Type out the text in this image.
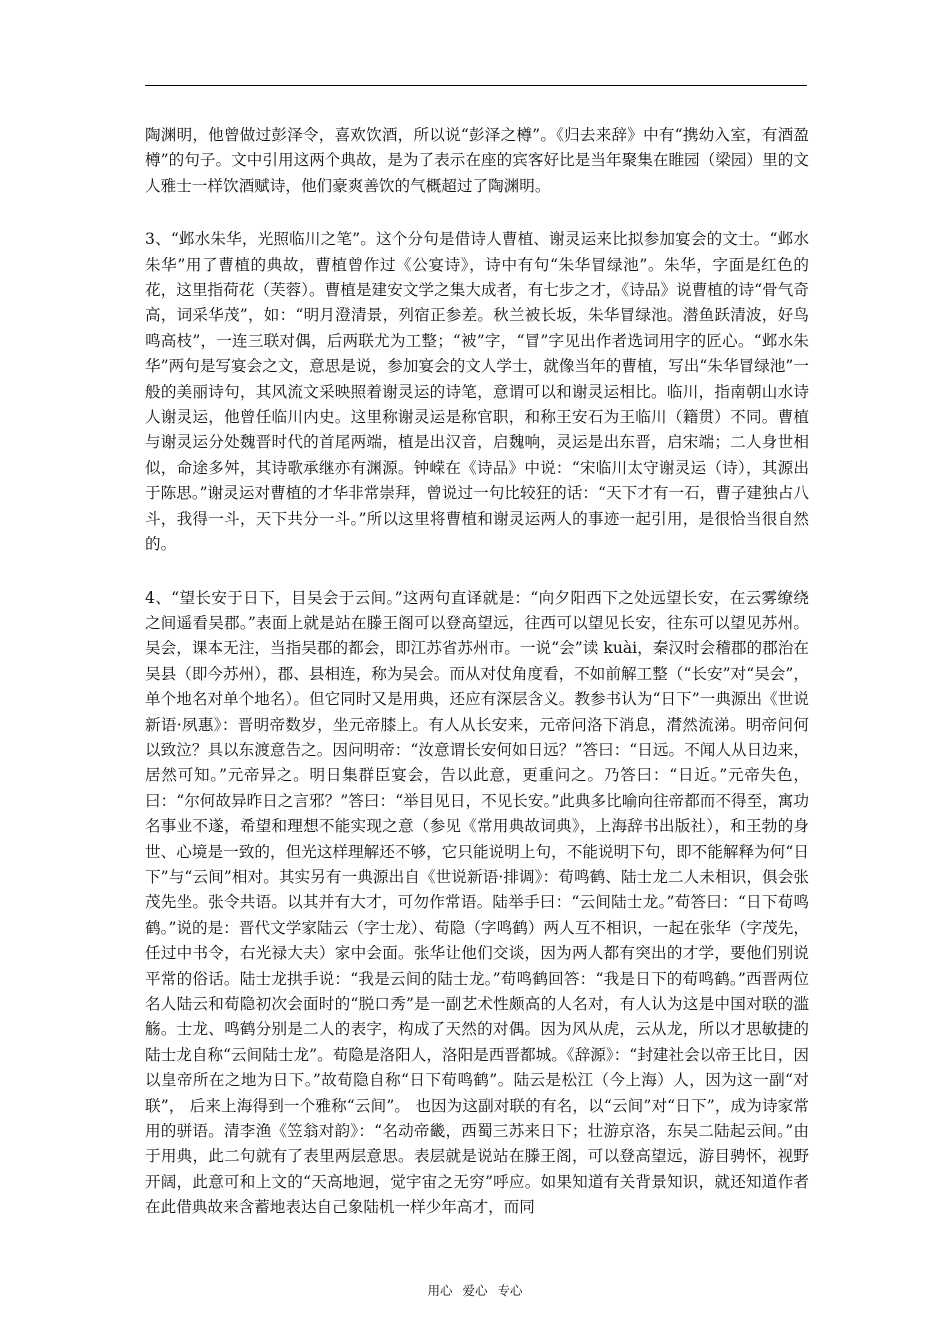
陶渊明，他曾做过彭泽令，喜欢饮酒，所以说“彭泽之樽”。《归去来辞》中有“携幼入室，有酒盈樽”的句子。文中引用这两个典故，是为了表示在座的宾客好比是当年聚集在睢园（梁园）里的文人雅士一样饮酒赋诗，他们豪爽善饮的气概超过了陶渊明。

3、“邺水朱华，光照临川之笔”。这个分句是借诗人曹植、谢灵运来比拟参加宴会的文士。“邺水朱华”用了曹植的典故，曹植曾作过《公宴诗》，诗中有句“朱华冒绿池”。朱华，字面是红色的花，这里指荷花（芙蓉）。曹植是建安文学之集大成者，有七步之才，《诗品》说曹植的诗“骨气奇高，词采华茂”，如：“明月澄清景，列宿正参差。秋兰被长坂，朱华冒绿池。潜鱼跃清波，好鸟鸣高枝”，一连三联对偶，后两联尤为工整；“被”字，“冒”字见出作者选词用字的匠心。“邺水朱华”两句是写宴会之文，意思是说，参加宴会的文人学士，就像当年的曹植，写出“朱华冒绿池”一般的美丽诗句，其风流文采映照着谢灵运的诗笔，意谓可以和谢灵运相比。临川，指南朝山水诗人谢灵运，他曾任临川内史。这里称谢灵运是称官职，和称王安石为王临川（籍贯）不同。曹植与谢灵运分处魏晋时代的首尾两端，植是出汉音，启魏响，灵运是出东晋，启宋端；二人身世相似，命途多舛，其诗歌承继亦有渊源。钟嵘在《诗品》中说：“宋临川太守谢灵运（诗），其源出于陈思。”谢灵运对曹植的才华非常崇拜，曾说过一句比较狂的话：“天下才有一石，曹子建独占八斗，我得一斗，天下共分一斗。”所以这里将曹植和谢灵运两人的事迹一起引用，是很恰当很自然的。

4、“望长安于日下，目吴会于云间。”这两句直译就是：“向夕阳西下之处远望长安，在云雾缭绕之间遥看吴郡。”表面上就是站在滕王阁可以登高望远，往西可以望见长安，往东可以望见苏州。吴会，课本无注，当指吴郡的都会，即江苏省苏州市。一说“会”读 kuài，秦汉时会稽郡的郡治在吴县（即今苏州），郡、县相连，称为吴会。而从对仗角度看，不如前解工整（“长安”对“吴会”，单个地名对单个地名）。但它同时又是用典，还应有深层含义。教参书认为“日下”一典源出《世说新语·夙惠》：晋明帝数岁，坐元帝膝上。有人从长安来，元帝问洛下消息，潸然流涕。明帝问何以致泣？具以东渡意告之。因问明帝：“汝意谓长安何如日远？”答曰：“日远。不闻人从日边来，居然可知。”元帝异之。明日集群臣宴会，告以此意，更重问之。乃答曰：“日近。”元帝失色，曰：“尔何故异昨日之言邪？”答曰：“举目见日，不见长安。”此典多比喻向往帝都而不得至，寓功名事业不遂，希望和理想不能实现之意（参见《常用典故词典》，上海辞书出版社），和王勃的身世、心境是一致的，但光这样理解还不够，它只能说明上句，不能说明下句，即不能解释为何“日下”与“云间”相对。其实另有一典源出自《世说新语·排调》：荀鸣鹤、陆士龙二人未相识，俱会张茂先坐。张令共语。以其并有大才，可勿作常语。陆举手曰：“云间陆士龙。”荀答曰：“日下荀鸣鹤。”说的是：晋代文学家陆云（字士龙）、荀隐（字鸣鹤）两人互不相识，一起在张华（字茂先，任过中书令，右光禄大夫）家中会面。张华让他们交谈，因为两人都有突出的才学，要他们别说平常的俗话。陆士龙拱手说：“我是云间的陆士龙。”荀鸣鹤回答：“我是日下的荀鸣鹤。”西晋两位名人陆云和荀隐初次会面时的“脱口秀”是一副艺术性颇高的人名对，有人认为这是中国对联的滥觞。士龙、鸣鹤分别是二人的表字，构成了天然的对偶。因为风从虎，云从龙，所以才思敏捷的陆士龙自称“云间陆士龙”。荀隐是洛阳人，洛阳是西晋都城。《辞源》：“封建社会以帝王比日，因以皇帝所在之地为日下。”故荀隐自称“日下荀鸣鹤”。陆云是松江（今上海）人，因为这一副“对联”， 后来上海得到一个雅称“云间”。 也因为这副对联的有名，以“云间”对“日下”，成为诗家常用的骈语。清李渔《笠翁对韵》：“名动帝畿，西蜀三苏来日下；壮游京洛，东吴二陆起云间。”由于用典，此二句就有了表里两层意思。表层就是说站在滕王阁，可以登高望远，游目骋怀，视野开阔，此意可和上文的“天高地迥，觉宇宙之无穷”呼应。如果知道有关背景知识，就还知道作者在此借典故来含蓄地表达自己象陆机一样少年高才，而同

用心 爱心 专心
